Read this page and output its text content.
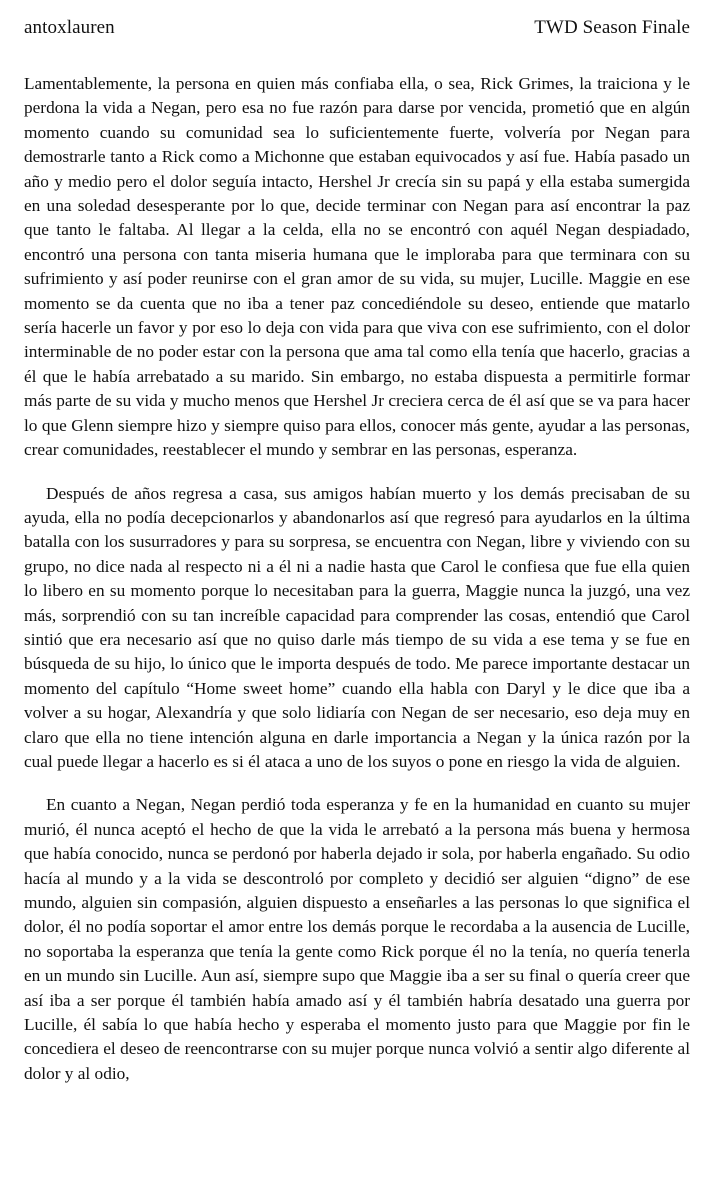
antoxlauren	TWD Season Finale

Lamentablemente, la persona en quien más confiaba ella, o sea, Rick Grimes, la traiciona y le perdona la vida a Negan, pero esa no fue razón para darse por vencida, prometió que en algún momento cuando su comunidad sea lo suficientemente fuerte, volvería por Negan para demostrarle tanto a Rick como a Michonne que estaban equivocados y así fue. Había pasado un año y medio pero el dolor seguía intacto, Hershel Jr crecía sin su papá y ella estaba sumergida en una soledad desesperante por lo que, decide terminar con Negan para así encontrar la paz que tanto le faltaba. Al llegar a la celda, ella no se encontró con aquél Negan despiadado, encontró una persona con tanta miseria humana que le imploraba para que terminara con su sufrimiento y así poder reunirse con el gran amor de su vida, su mujer, Lucille. Maggie en ese momento se da cuenta que no iba a tener paz concediéndole su deseo, entiende que matarlo sería hacerle un favor y por eso lo deja con vida para que viva con ese sufrimiento, con el dolor interminable de no poder estar con la persona que ama tal como ella tenía que hacerlo, gracias a él que le había arrebatado a su marido. Sin embargo, no estaba dispuesta a permitirle formar más parte de su vida y mucho menos que Hershel Jr creciera cerca de él así que se va para hacer lo que Glenn siempre hizo y siempre quiso para ellos, conocer más gente, ayudar a las personas, crear comunidades, reestablecer el mundo y sembrar en las personas, esperanza.

Después de años regresa a casa, sus amigos habían muerto y los demás precisaban de su ayuda, ella no podía decepcionarlos y abandonarlos así que regresó para ayudarlos en la última batalla con los susurradores y para su sorpresa, se encuentra con Negan, libre y viviendo con su grupo, no dice nada al respecto ni a él ni a nadie hasta que Carol le confiesa que fue ella quien lo libero en su momento porque lo necesitaban para la guerra, Maggie nunca la juzgó, una vez más, sorprendió con su tan increíble capacidad para comprender las cosas, entendió que Carol sintió que era necesario así que no quiso darle más tiempo de su vida a ese tema y se fue en búsqueda de su hijo, lo único que le importa después de todo. Me parece importante destacar un momento del capítulo “Home sweet home” cuando ella habla con Daryl y le dice que iba a volver a su hogar, Alexandría y que solo lidiaría con Negan de ser necesario, eso deja muy en claro que ella no tiene intención alguna en darle importancia a Negan y la única razón por la cual puede llegar a hacerlo es si él ataca a uno de los suyos o pone en riesgo la vida de alguien.

En cuanto a Negan, Negan perdió toda esperanza y fe en la humanidad en cuanto su mujer murió, él nunca aceptó el hecho de que la vida le arrebató a la persona más buena y hermosa que había conocido, nunca se perdonó por haberla dejado ir sola, por haberla engañado. Su odio hacía al mundo y a la vida se descontroló por completo y decidió ser alguien “digno” de ese mundo, alguien sin compasión, alguien dispuesto a enseñarles a las personas lo que significa el dolor, él no podía soportar el amor entre los demás porque le recordaba a la ausencia de Lucille, no soportaba la esperanza que tenía la gente como Rick porque él no la tenía, no quería tenerla en un mundo sin Lucille. Aun así, siempre supo que Maggie iba a ser su final o quería creer que así iba a ser porque él también había amado así y él también habría desatado una guerra por Lucille, él sabía lo que había hecho y esperaba el momento justo para que Maggie por fin le concediera el deseo de reencontrarse con su mujer porque nunca volvió a sentir algo diferente al dolor y al odio,
